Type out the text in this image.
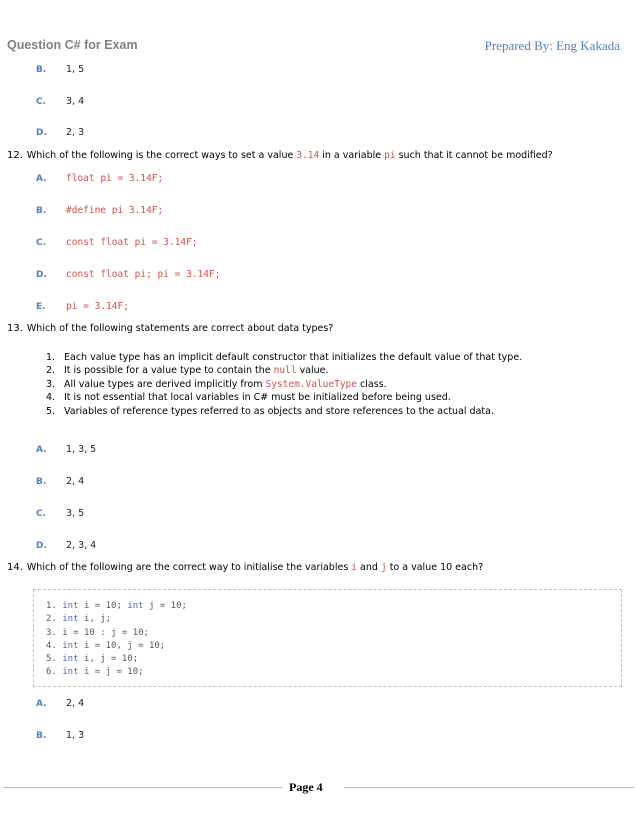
Question C# for Exam	Prepared By: Eng Kakada
B. 1, 5
C. 3, 4
D. 2, 3
12. Which of the following is the correct ways to set a value 3.14 in a variable pi such that it cannot be modified?
A. float pi = 3.14F;
B. #define pi 3.14F;
C. const float pi = 3.14F;
D. const float pi; pi = 3.14F;
E. pi = 3.14F;
13. Which of the following statements are correct about data types?
1. Each value type has an implicit default constructor that initializes the default value of that type.
2. It is possible for a value type to contain the null value.
3. All value types are derived implicitly from System.ValueType class.
4. It is not essential that local variables in C# must be initialized before being used.
5. Variables of reference types referred to as objects and store references to the actual data.
A. 1, 3, 5
B. 2, 4
C. 3, 5
D. 2, 3, 4
14. Which of the following are the correct way to initialise the variables i and j to a value 10 each?
1. int i = 10; int j = 10;
2. int i, j;
3. i = 10 : j = 10;
4. int i = 10, j = 10;
5. int i, j = 10;
6. int i = j = 10;
A. 2, 4
B. 1, 3
Page 4
